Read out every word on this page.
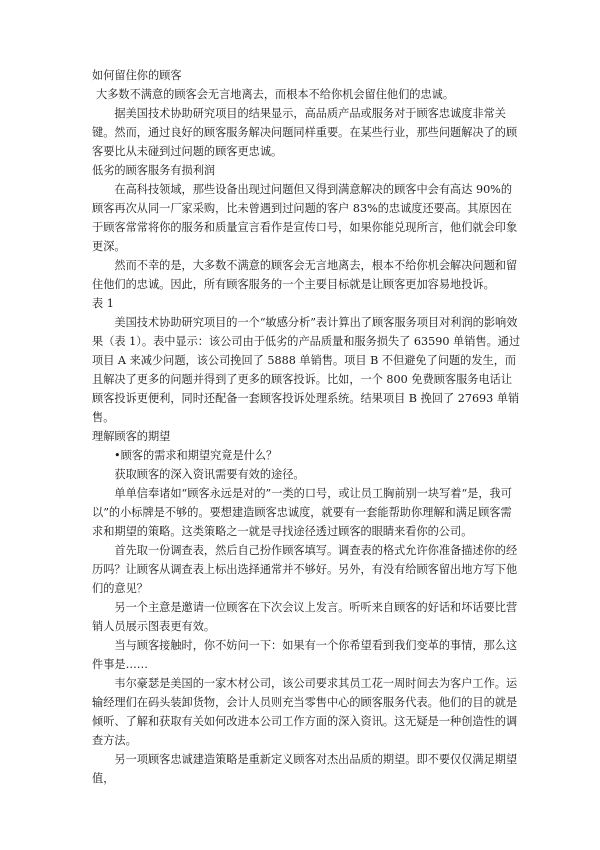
如何留住你的顾客

大多数不满意的顾客会无言地离去，而根本不给你机会留住他们的忠诚。

据美国技术协助研究项目的结果显示，高品质产品或服务对于顾客忠诚度非常关键。然而，通过良好的顾客服务解决问题同样重要。在某些行业，那些问题解决了的顾客要比从未碰到过问题的顾客更忠诚。

低劣的顾客服务有损利润

在高科技领域，那些设备出现过问题但又得到满意解决的顾客中会有高达 90%的顾客再次从同一厂家采购，比未曾遇到过问题的客户 83%的忠诚度还要高。其原因在于顾客常常将你的服务和质量宣言看作是宣传口号，如果你能兑现所言，他们就会印象更深。

然而不幸的是，大多数不满意的顾客会无言地离去，根本不给你机会解决问题和留住他们的忠诚。因此，所有顾客服务的一个主要目标就是让顾客更加容易地投诉。

表 1

美国技术协助研究项目的一个“敏感分析”表计算出了顾客服务项目对利润的影响效果（表 1）。表中显示：该公司由于低劣的产品质量和服务损失了 63590 单销售。通过项目 A 来减少问题，该公司挽回了 5888 单销售。项目 B 不但避免了问题的发生，而且解决了更多的问题并得到了更多的顾客投诉。比如，一个 800 免费顾客服务电话让顾客投诉更便利，同时还配备一套顾客投诉处理系统。结果项目 B 挽回了 27693 单销售。

理解顾客的期望

•顾客的需求和期望究竟是什么？

获取顾客的深入资讯需要有效的途径。

单单信奉诸如“顾客永远是对的”一类的口号，或让员工胸前别一块写着“是，我可以”的小标牌是不够的。要想建造顾客忠诚度，就要有一套能帮助你理解和满足顾客需求和期望的策略。这类策略之一就是寻找途径透过顾客的眼睛来看你的公司。

首先取一份调查表，然后自己扮作顾客填写。调查表的格式允许你准备描述你的经历吗？让顾客从调查表上标出选择通常并不够好。另外，有没有给顾客留出地方写下他们的意见？

另一个主意是邀请一位顾客在下次会议上发言。听听来自顾客的好话和坏话要比营销人员展示图表更有效。

当与顾客接触时，你不妨问一下：如果有一个你希望看到我们变革的事情，那么这件事是……

韦尔豪瑟是美国的一家木材公司，该公司要求其员工花一周时间去为客户工作。运输经理们在码头装卸货物，会计人员则充当零售中心的顾客服务代表。他们的目的就是倾听、了解和获取有关如何改进本公司工作方面的深入资讯。这无疑是一种创造性的调查方法。

另一项顾客忠诚建造策略是重新定义顾客对杰出品质的期望。即不要仅仅满足期望值，
